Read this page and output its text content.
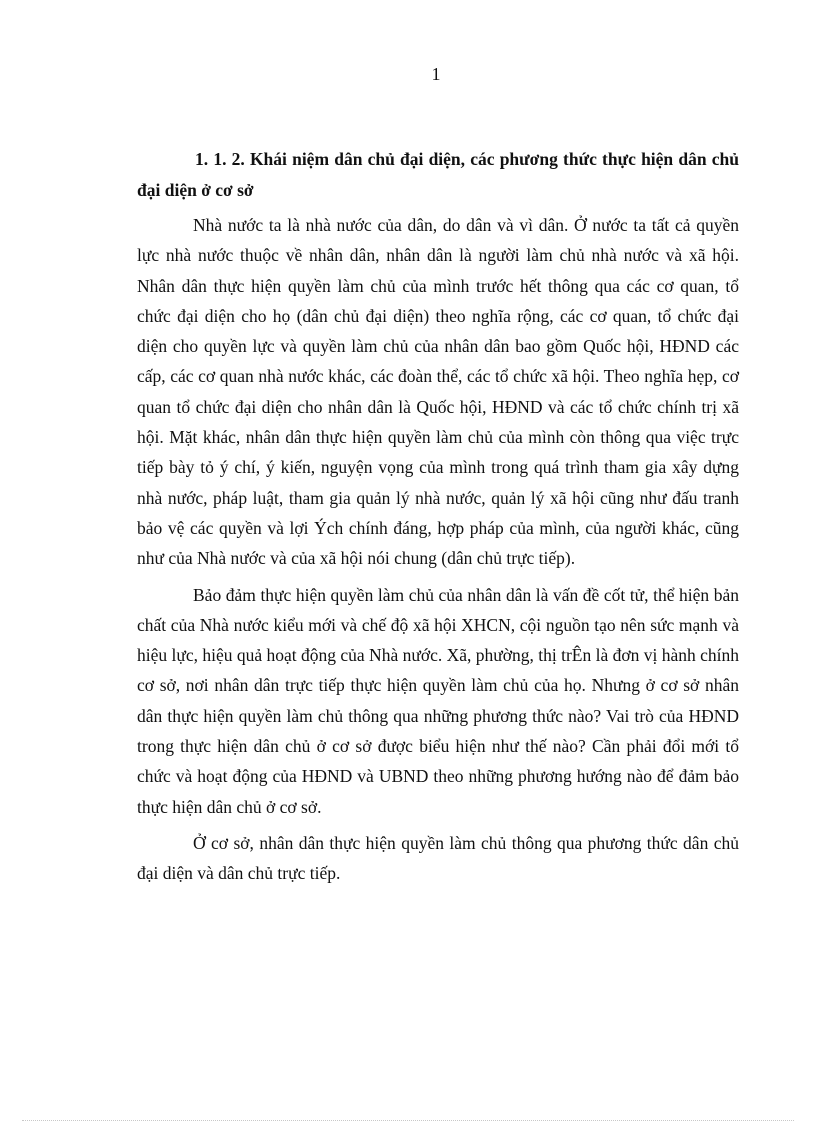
1

1. 1. 2. Khái niệm dân chủ đại diện, các phương thức thực hiện dân chủ đại diện ở cơ sở

Nhà nước ta là nhà nước của dân, do dân và vì dân. Ở nước ta tất cả quyền lực nhà nước thuộc về nhân dân, nhân dân là người làm chủ nhà nước và xã hội. Nhân dân thực hiện quyền làm chủ của mình trước hết thông qua các cơ quan, tổ chức đại diện cho họ (dân chủ đại diện) theo nghĩa rộng, các cơ quan, tổ chức đại diện cho quyền lực và quyền làm chủ của nhân dân bao gồm Quốc hội, HĐND các cấp, các cơ quan nhà nước khác, các đoàn thể, các tổ chức xã hội. Theo nghĩa hẹp, cơ quan tổ chức đại diện cho nhân dân là Quốc hội, HĐND và các tổ chức chính trị xã hội. Mặt khác, nhân dân thực hiện quyền làm chủ của mình còn thông qua việc trực tiếp bày tỏ ý chí, ý kiến, nguyện vọng của mình trong quá trình tham gia xây dựng nhà nước, pháp luật, tham gia quản lý nhà nước, quản lý xã hội cũng như đấu tranh bảo vệ các quyền và lợi Ých chính đáng, hợp pháp của mình, của người khác, cũng như của Nhà nước và của xã hội nói chung (dân chủ trực tiếp).

Bảo đảm thực hiện quyền làm chủ của nhân dân là vấn đề cốt tử, thể hiện bản chất của Nhà nước kiểu mới và chế độ xã hội XHCN, cội nguồn tạo nên sức mạnh và hiệu lực, hiệu quả hoạt động của Nhà nước. Xã, phường, thị trÊn là đơn vị hành chính cơ sở, nơi nhân dân trực tiếp thực hiện quyền làm chủ của họ. Nhưng ở cơ sở nhân dân thực hiện quyền làm chủ thông qua những phương thức nào? Vai trò của HĐND trong thực hiện dân chủ ở cơ sở được biểu hiện như thế nào? Cần phải đổi mới tổ chức và hoạt động của HĐND và UBND theo những phương hướng nào để đảm bảo thực hiện dân chủ ở cơ sở.

Ở cơ sở, nhân dân thực hiện quyền làm chủ thông qua phương thức dân chủ đại diện và dân chủ trực tiếp.
